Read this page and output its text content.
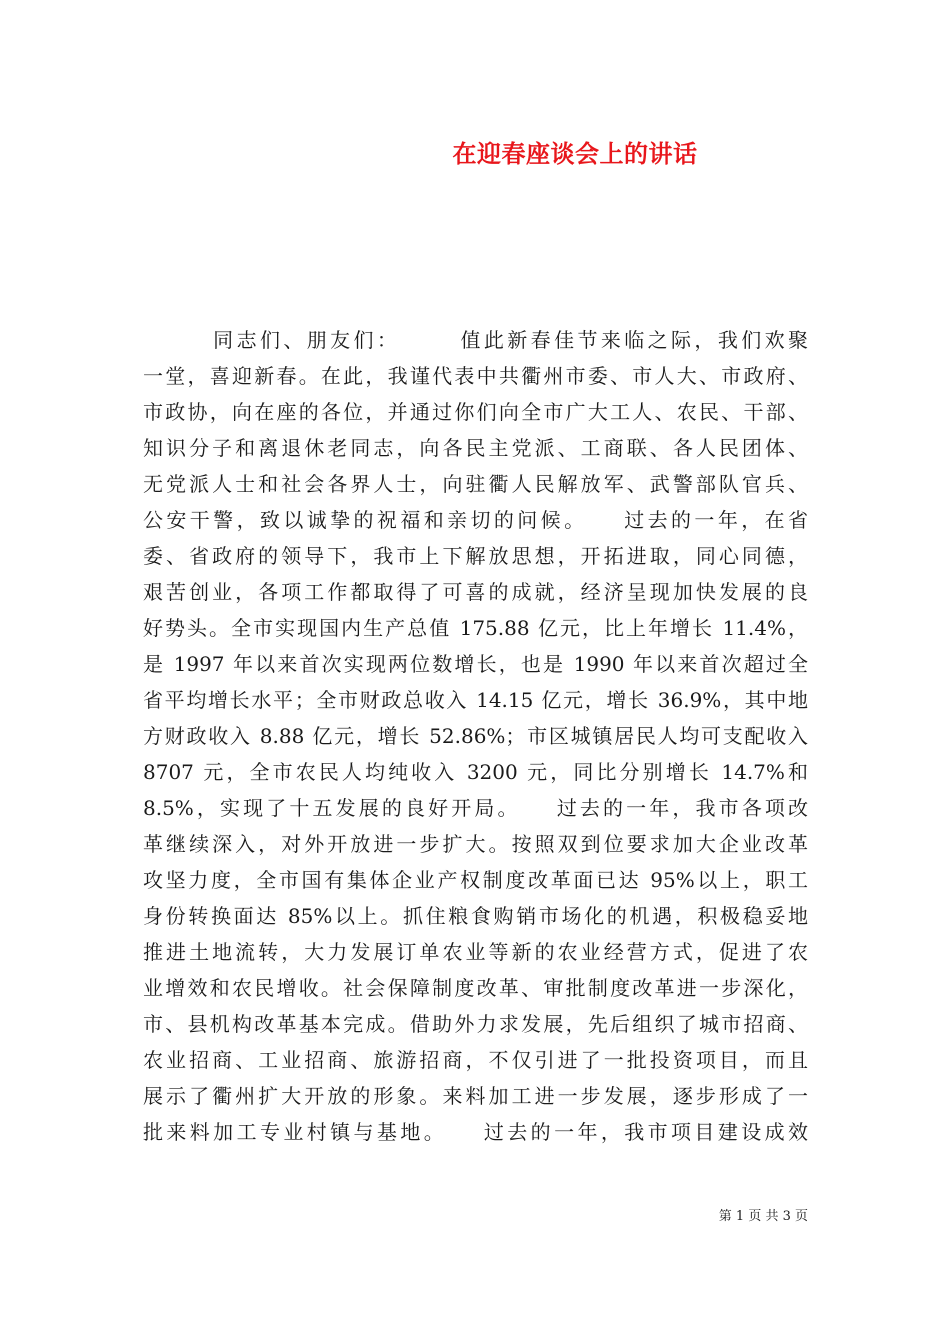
在迎春座谈会上的讲话
　　　同志们、朋友们：　　　值此新春佳节来临之际，我们欢聚
一堂，喜迎新春。在此，我谨代表中共衢州市委、市人大、市政府、
市政协，向在座的各位，并通过你们向全市广大工人、农民、干部、
知识分子和离退休老同志，向各民主党派、工商联、各人民团体、
无党派人士和社会各界人士，向驻衢人民解放军、武警部队官兵、
公安干警，致以诚挚的祝福和亲切的问候。　　过去的一年，在省
委、省政府的领导下，我市上下解放思想，开拓进取，同心同德，
艰苦创业，各项工作都取得了可喜的成就，经济呈现加快发展的良
好势头。全市实现国内生产总值 175.88 亿元，比上年增长 11.4%，
是 1997 年以来首次实现两位数增长，也是 1990 年以来首次超过全
省平均增长水平；全市财政总收入 14.15 亿元，增长 36.9%，其中地
方财政收入 8.88 亿元，增长 52.86%；市区城镇居民人均可支配收入
8707 元，全市农民人均纯收入 3200 元，同比分别增长 14.7%和
8.5%，实现了十五发展的良好开局。　　过去的一年，我市各项改
革继续深入，对外开放进一步扩大。按照双到位要求加大企业改革
攻坚力度，全市国有集体企业产权制度改革面已达 95%以上，职工
身份转换面达 85%以上。抓住粮食购销市场化的机遇，积极稳妥地
推进土地流转，大力发展订单农业等新的农业经营方式，促进了农
业增效和农民增收。社会保障制度改革、审批制度改革进一步深化，
市、县机构改革基本完成。借助外力求发展，先后组织了城市招商、
农业招商、工业招商、旅游招商，不仅引进了一批投资项目，而且
展示了衢州扩大开放的形象。来料加工进一步发展，逐步形成了一
批来料加工专业村镇与基地。　　过去的一年，我市项目建设成效
第 1 页 共 3 页
